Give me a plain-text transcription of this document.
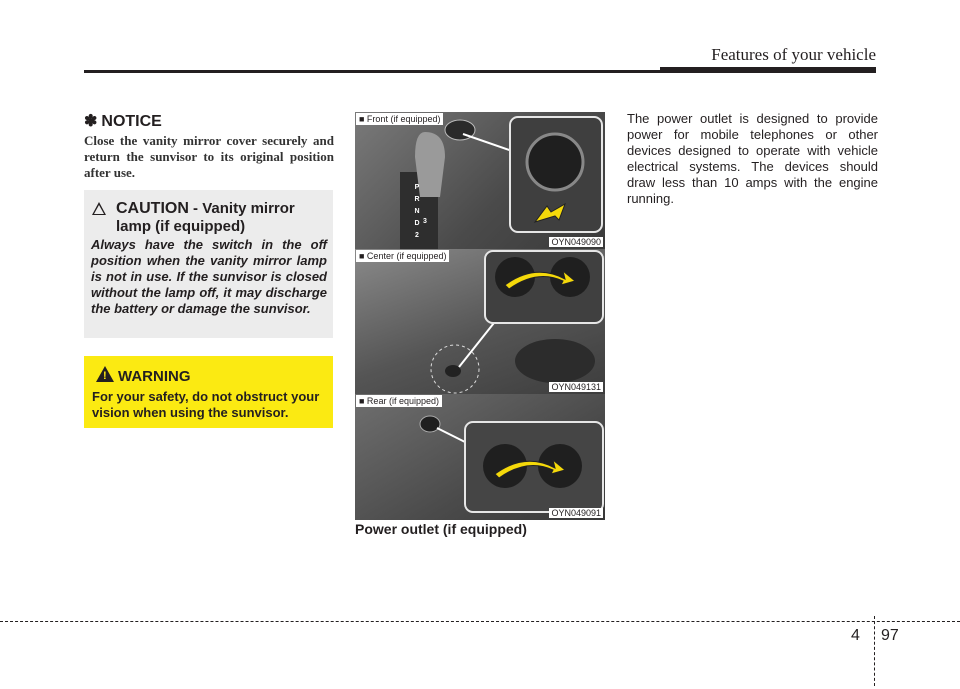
Features of your vehicle
✽ NOTICE
Close the vanity mirror cover securely and return the sunvisor to its original position after use.
CAUTION - Vanity mirror lamp (if equipped)
Always have the switch in the off position when the vanity mirror lamp is not in use. If the sunvisor is closed without the lamp off, it may discharge the battery or damage the sunvisor.
!
WARNING
For your safety, do not obstruct your vision when using the sunvisor.
P
R
N
D
2
3
■ Front (if equipped)
OYN049090
■ Center (if equipped)
OYN049131
■ Rear (if equipped)
OYN049091
Power outlet (if equipped)
The power outlet is designed to provide power for mobile telephones or other devices designed to operate with vehicle electrical systems. The devices should draw less than 10 amps with the engine running.
4 97
